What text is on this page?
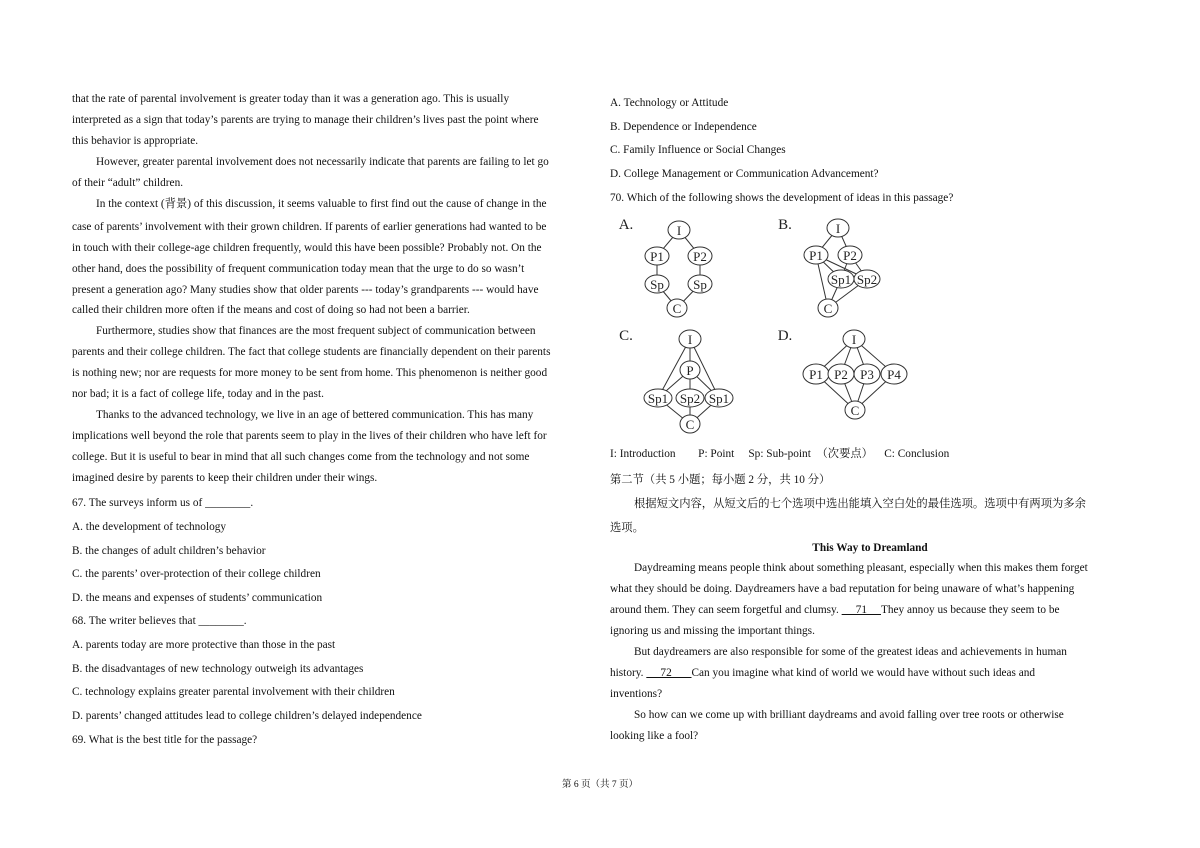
that the rate of parental involvement is greater today than it was a generation ago. This is usually
interpreted as a sign that today’s parents are trying to manage their children’s lives past the point where
this behavior is appropriate.
However, greater parental involvement does not necessarily indicate that parents are failing to let go
of their “adult” children.
In the context (背景) of this discussion, it seems valuable to first find out the cause of change in the
case of parents’ involvement with their grown children. If parents of earlier generations had wanted to be
in touch with their college-age children frequently, would this have been possible? Probably not. On the
other hand, does the possibility of frequent communication today mean that the urge to do so wasn’t
present a generation ago? Many studies show that older parents --- today’s grandparents --- would have
called their children more often if the means and cost of doing so had not been a barrier.
Furthermore, studies show that finances are the most frequent subject of communication between
parents and their college children. The fact that college students are financially dependent on their parents
is nothing new; nor are requests for more money to be sent from home. This phenomenon is neither good
nor bad; it is a fact of college life, today and in the past.
Thanks to the advanced technology, we live in an age of bettered communication. This has many
implications well beyond the role that parents seem to play in the lives of their children who have left for
college. But it is useful to bear in mind that all such changes come from the technology and not some
imagined desire by parents to keep their children under their wings.
67. The surveys inform us of ________.
A. the development of technology
B. the changes of adult children’s behavior
C. the parents’ over-protection of their college children
D. the means and expenses of students’ communication
68. The writer believes that ________.
A. parents today are more protective than those in the past
B. the disadvantages of new technology outweigh its advantages
C. technology explains greater parental involvement with their children
D. parents’ changed attitudes lead to college children’s delayed independence
69. What is the best title for the passage?
A. Technology or Attitude
B. Dependence or Independence
C. Family Influence or Social Changes
D. College Management or Communication Advancement?
70. Which of the following shows the development of ideas in this passage?
A.	B.
C.	D.
I
P1 P2
Sp Sp
C
I
P1 P2
Sp1 Sp2
C
I
P
Sp1 Sp2 Sp1
C
I
P1 P2 P3 P4
C
I: Introduction        P: Point     Sp: Sub-point  （次要点）    C: Conclusion
第二节（共 5 小题；每小题 2 分，共 10 分）
根据短文内容，从短文后的七个选项中选出能填入空白处的最佳选项。选项中有两项为多余
选项。
This Way to Dreamland
Daydreaming means people think about something pleasant, especially when this makes them forget
what they should be doing. Daydreamers have a bad reputation for being unaware of what’s happening
around them. They can seem forgetful and clumsy.      71     They annoy us because they seem to be
ignoring us and missing the important things.
But daydreamers are also responsible for some of the greatest ideas and achievements in human
history.      72       Can you imagine what kind of world we would have without such ideas and
inventions?
So how can we come up with brilliant daydreams and avoid falling over tree roots or otherwise
looking like a fool?
第 6 页（共 7 页）
